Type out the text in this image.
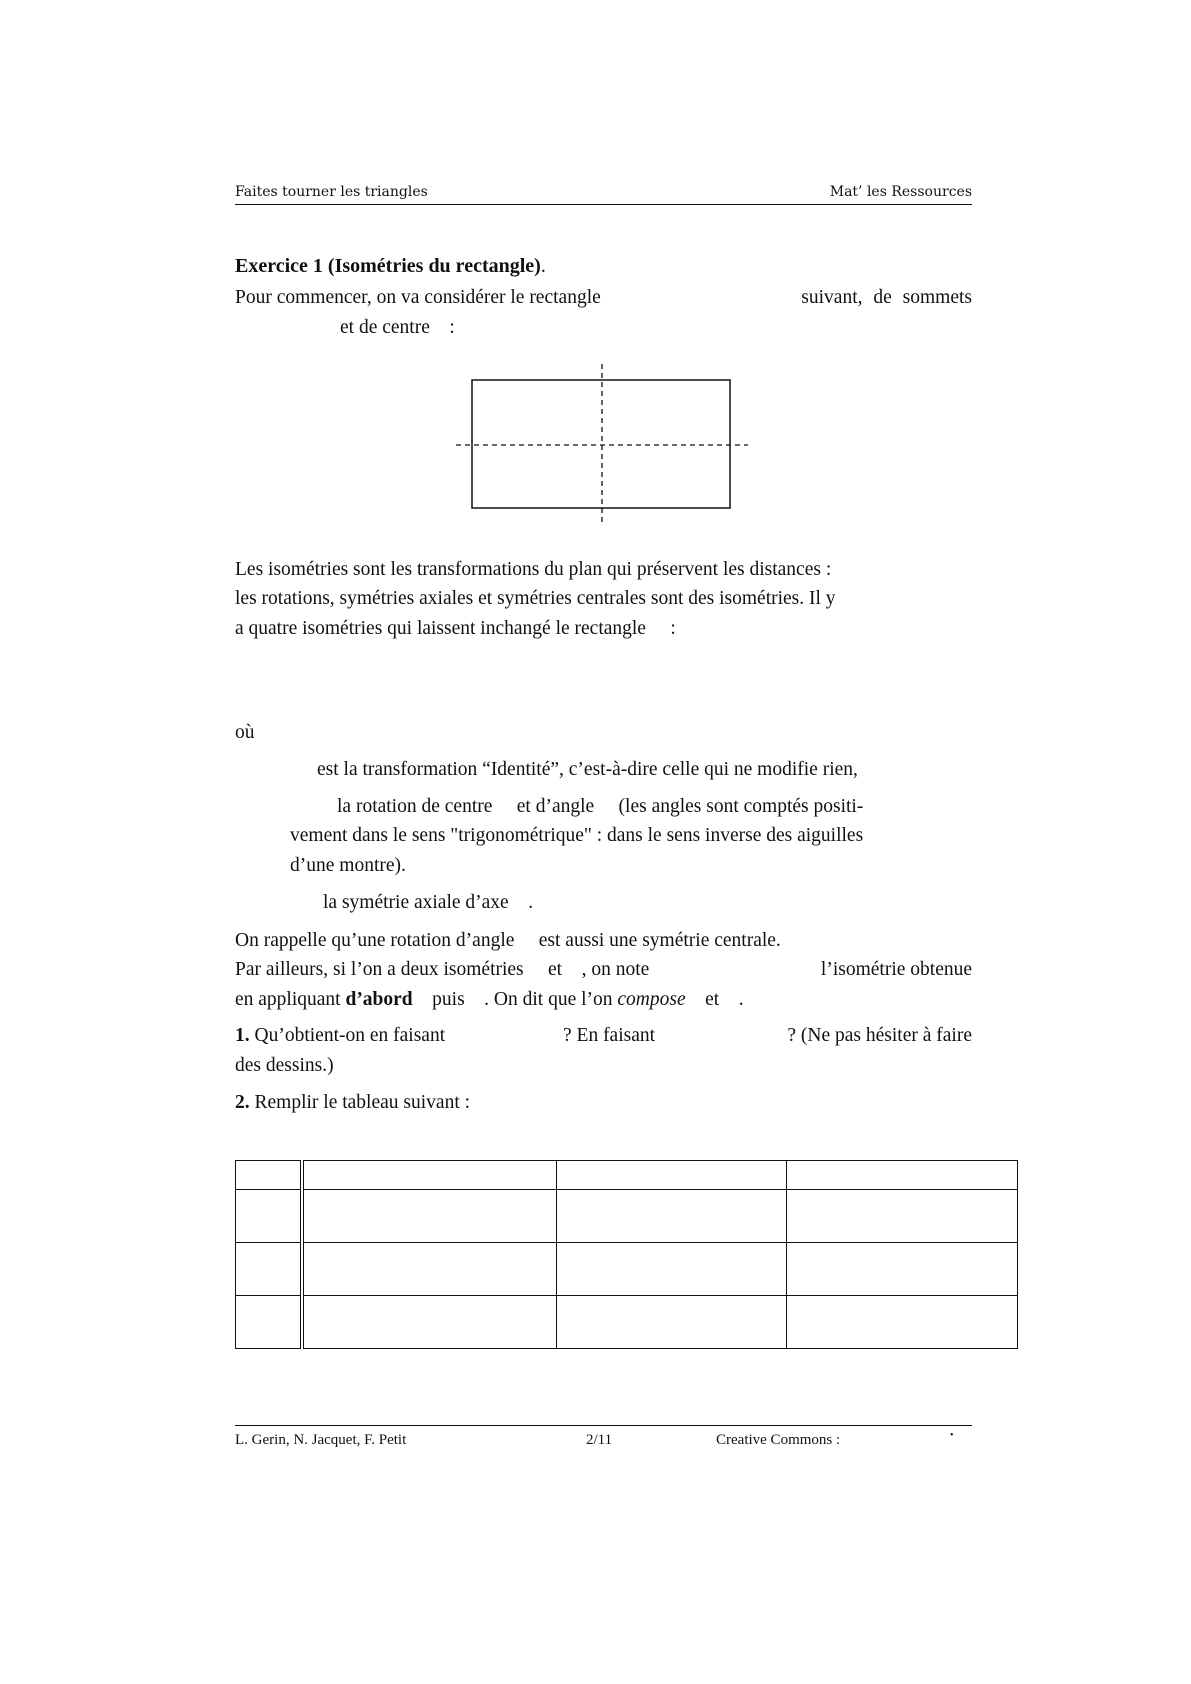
Faites tourner les triangles	Mat’ les Ressources
Exercice 1 (Isométries du rectangle).
Pour commencer, on va considérer le rectangle	suivant, de sommets
et de centre    :
Les isométries sont les transformations du plan qui préservent les distances :
les rotations, symétries axiales et symétries centrales sont des isométries. Il y
a quatre isométries qui laissent inchangé le rectangle     :
où
est la transformation “Identité”, c’est-à-dire celle qui ne modifie rien,
la rotation de centre     et d’angle     (les angles sont comptés positi-
vement dans le sens "trigonométrique" : dans le sens inverse des aiguilles
d’une montre).
la symétrie axiale d’axe    .
On rappelle qu’une rotation d’angle     est aussi une symétrie centrale.
Par ailleurs, si l’on a deux isométries     et    , on note	l’isométrie obtenue
en appliquant d’abord    puis    . On dit que l’on compose    et    .
1. Qu’obtient-on en faisant	? En faisant	? (Ne pas hésiter à faire
des dessins.)
2. Remplir le tableau suivant :

L. Gerin, N. Jacquet, F. Petit	2/11	Creative Commons :	•
